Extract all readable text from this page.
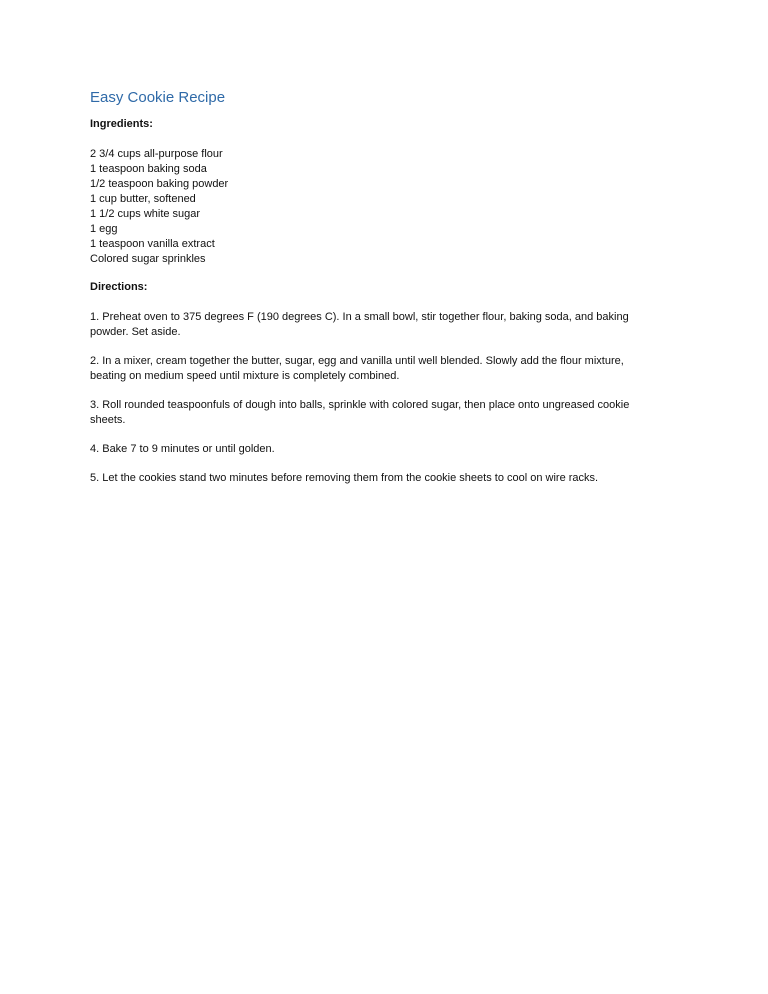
Easy Cookie Recipe

Ingredients:

2 3/4 cups all-purpose flour
1 teaspoon baking soda
1/2 teaspoon baking powder
1 cup butter, softened
1 1/2 cups white sugar
1 egg
1 teaspoon vanilla extract
Colored sugar sprinkles

Directions:

1. Preheat oven to 375 degrees F (190 degrees C). In a small bowl, stir together flour, baking soda, and baking powder. Set aside.

2. In a mixer, cream together the butter, sugar, egg and vanilla until well blended. Slowly add the flour mixture, beating on medium speed until mixture is completely combined.

3. Roll rounded teaspoonfuls of dough into balls, sprinkle with colored sugar, then place onto ungreased cookie sheets.

4. Bake 7 to 9 minutes or until golden.

5. Let the cookies stand two minutes before removing them from the cookie sheets to cool on wire racks.
